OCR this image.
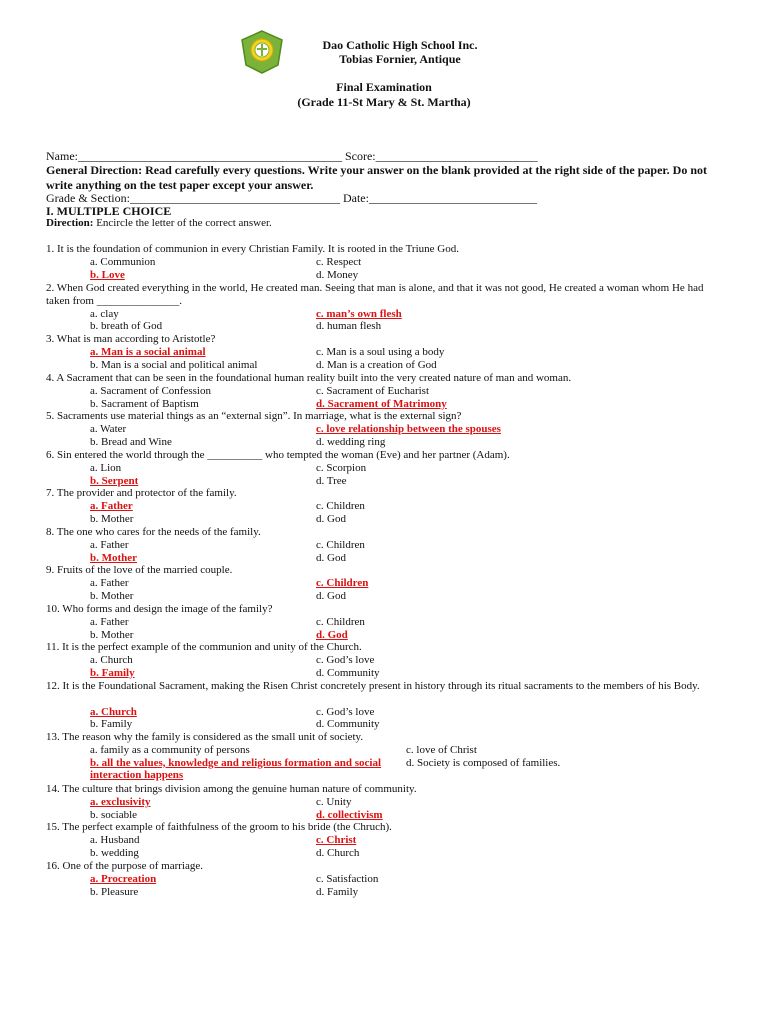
Dao Catholic High School Inc.
Tobias Fornier, Antique
Final Examination
(Grade 11-St Mary & St. Martha)

Name:____________________________________________ Score:___________________________

Grade & Section:___________________________________ Date:____________________________

General Direction: Read carefully every questions. Write your answer on the blank provided at the right side of the paper. Do not write anything on the test paper except your answer.
I. MULTIPLE CHOICE
Direction: Encircle the letter of the correct answer.
1. It is the foundation of communion in every Christian Family. It is rooted in the Triune God.
a. Communion
b. Love
c. Respect
d. Money
2. When God created everything in the world, He created man. Seeing that man is alone, and that it was not good, He created a woman whom He had taken from _______________.
a. clay
b. breath of God
c. man’s own flesh
d. human flesh
3. What is man according to Aristotle?
a. Man is a social animal
b. Man is a social and political animal
c. Man is a soul using a body
d. Man is a creation of God
4. A Sacrament that can be seen in the foundational human reality built into the very created nature of man and woman.
a. Sacrament of Confession
b. Sacrament of Baptism
c. Sacrament of Eucharist
d. Sacrament of Matrimony
5. Sacraments use material things as an “external sign”. In marriage, what is the external sign?
a. Water
b. Bread and Wine
c. love relationship between the spouses
d. wedding ring
6. Sin entered the world through the __________ who tempted the woman (Eve) and her partner (Adam).
a. Lion
b. Serpent
c. Scorpion
d. Tree
7. The provider and protector of the family.
a. Father
b. Mother
c. Children
d. God
8. The one who cares for the needs of the family.
a. Father
b. Mother
c. Children
d. God
9. Fruits of the love of the married couple.
a. Father
b. Mother
c. Children
d. God
10. Who forms and design the image of the family?
a. Father
b. Mother
c. Children
d. God
11. It is the perfect example of the communion and unity of the Church.
a. Church
b. Family
c. God’s love
d. Community
12. It is the Foundational Sacrament, making the Risen Christ concretely present in history through its ritual sacraments to the members of his Body.
a. Church
b. Family
c. God’s love
d. Community
13. The reason why the family is considered as the small unit of society.
a. family as a community of persons
b. all the values, knowledge and religious formation and social interaction happens
c. love of Christ
d. Society is composed of families.
14. The culture that brings division among the genuine human nature of community.
a. exclusivity
b. sociable
c. Unity
d. collectivism
15. The perfect example of faithfulness of the groom to his bride (the Chruch).
a. Husband
b. wedding
c. Christ
d. Church
16. One of the purpose of marriage.
a. Procreation
b. Pleasure
c. Satisfaction
d. Family
